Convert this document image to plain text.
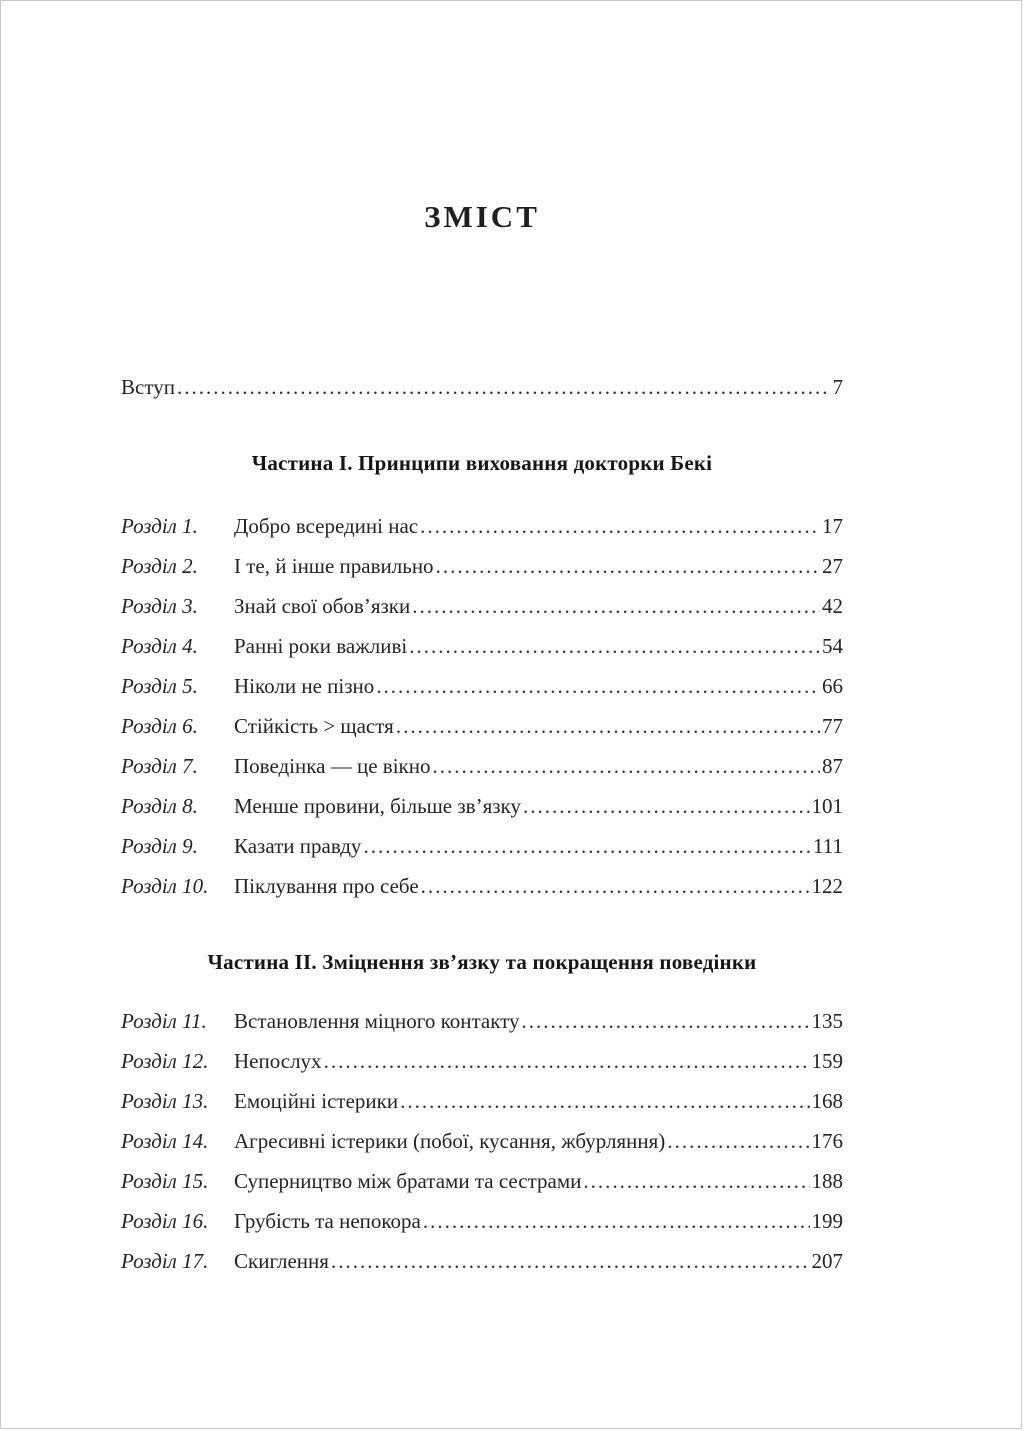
ЗМІСТ
Вступ .....	7
Частина І. Принципи виховання докторки Бекі
Розділ 1.	Добро всередині нас .....	17
Розділ 2.	І те, й інше правильно .....	27
Розділ 3.	Знай свої обов’язки .....	42
Розділ 4.	Ранні роки важливі .....	54
Розділ 5.	Ніколи не пізно .....	66
Розділ 6.	Стійкість > щастя .....	77
Розділ 7.	Поведінка — це вікно .....	87
Розділ 8.	Менше провини, більше зв’язку .....	101
Розділ 9.	Казати правду .....	111
Розділ 10.	Піклування про себе .....	122
Частина ІІ. Зміцнення зв’язку та покращення поведінки
Розділ 11.	Встановлення міцного контакту .....	135
Розділ 12.	Непослух .....	159
Розділ 13.	Емоційні істерики .....	168
Розділ 14.	Агресивні істерики (побої, кусання, жбурляння) .....	176
Розділ 15.	Суперництво між братами та сестрами .....	188
Розділ 16.	Грубість та непокора .....	199
Розділ 17.	Скиглення .....	207
